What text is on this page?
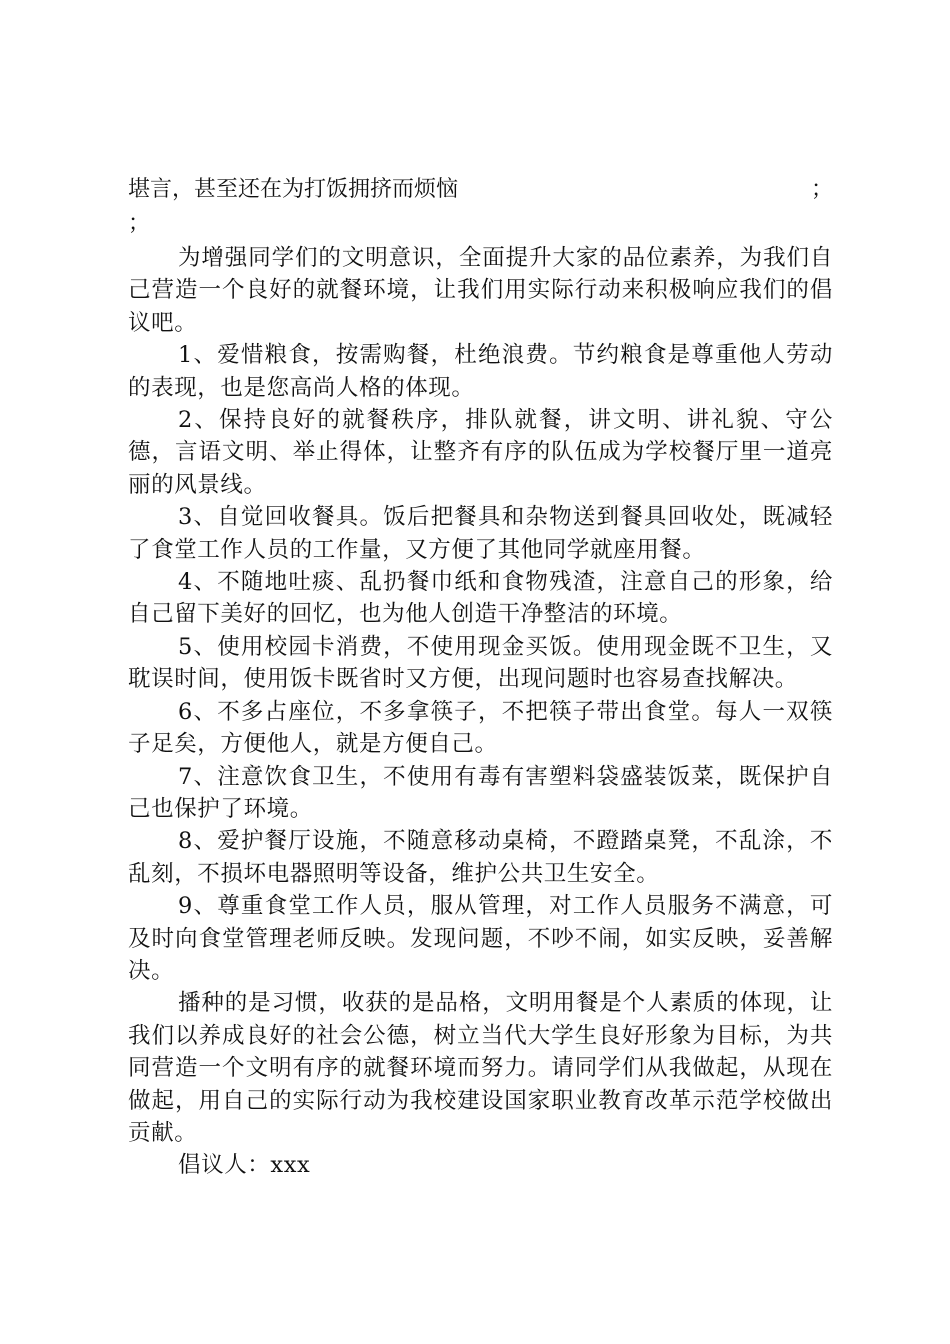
堪言，甚至还在为打饭拥挤而烦恼	；
；

为增强同学们的文明意识，全面提升大家的品位素养，为我们自己营造一个良好的就餐环境，让我们用实际行动来积极响应我们的倡议吧。

1、爱惜粮食，按需购餐，杜绝浪费。节约粮食是尊重他人劳动的表现，也是您高尚人格的体现。

2、保持良好的就餐秩序，排队就餐，讲文明、讲礼貌、守公德，言语文明、举止得体，让整齐有序的队伍成为学校餐厅里一道亮丽的风景线。

3、自觉回收餐具。饭后把餐具和杂物送到餐具回收处，既减轻了食堂工作人员的工作量，又方便了其他同学就座用餐。

4、不随地吐痰、乱扔餐巾纸和食物残渣，注意自己的形象，给自己留下美好的回忆，也为他人创造干净整洁的环境。

5、使用校园卡消费，不使用现金买饭。使用现金既不卫生，又耽误时间，使用饭卡既省时又方便，出现问题时也容易查找解决。

6、不多占座位，不多拿筷子，不把筷子带出食堂。每人一双筷子足矣，方便他人，就是方便自己。

7、注意饮食卫生，不使用有毒有害塑料袋盛装饭菜，既保护自己也保护了环境。

8、爱护餐厅设施，不随意移动桌椅，不蹬踏桌凳，不乱涂，不乱刻，不损坏电器照明等设备，维护公共卫生安全。

9、尊重食堂工作人员，服从管理，对工作人员服务不满意，可及时向食堂管理老师反映。发现问题，不吵不闹，如实反映，妥善解决。

播种的是习惯，收获的是品格，文明用餐是个人素质的体现，让我们以养成良好的社会公德，树立当代大学生良好形象为目标，为共同营造一个文明有序的就餐环境而努力。请同学们从我做起，从现在做起，用自己的实际行动为我校建设国家职业教育改革示范学校做出贡献。

倡议人：xxx
